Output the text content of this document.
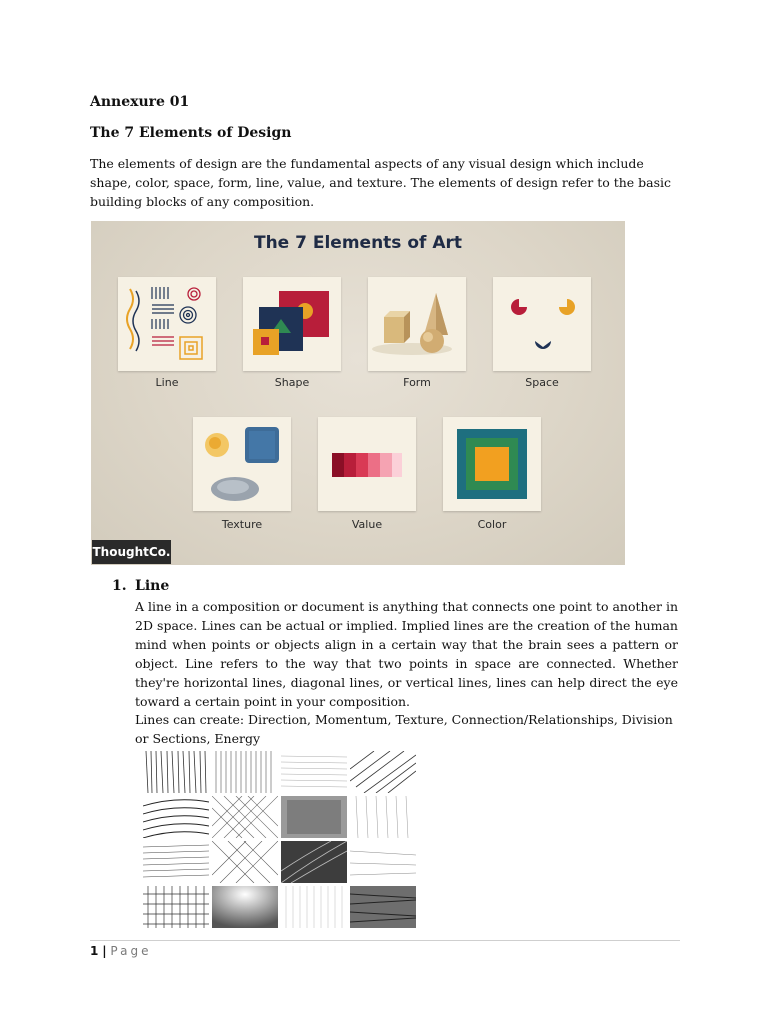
Annexure 01
The 7 Elements of Design
The elements of design are the fundamental aspects of any visual design which include shape, color, space, form, line, value, and texture. The elements of design refer to the basic building blocks of any composition.
The 7 Elements of Art
Line	Shape	Form	Space
Texture	Value	Color
ThoughtCo.
1. Line
A line in a composition or document is anything that connects one point to another in 2D space. Lines can be actual or implied. Implied lines are the creation of the human mind when points or objects align in a certain way that the brain sees a pattern or object. Line refers to the way that two points in space are connected. Whether they're horizontal lines, diagonal lines, or vertical lines, lines can help direct the eye toward a certain point in your composition.
Lines can create: Direction, Momentum, Texture, Connection/Relationships, Division or Sections, Energy
1 | Page
